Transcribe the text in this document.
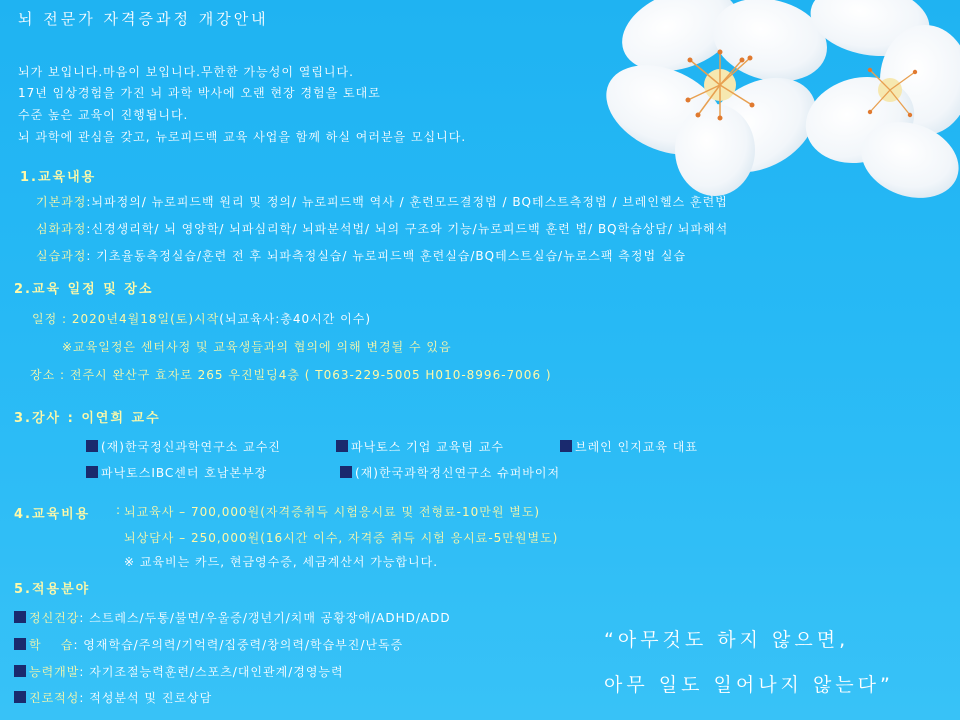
뇌 전문가 자격증과정 개강안내
뇌가 보입니다.마음이 보입니다.무한한 가능성이 열립니다.
17년 임상경험을 가진 뇌 과학 박사에 오랜 현장 경험을 토대로
수준 높은 교육이 진행됩니다.
뇌 과학에 관심을 갖고, 뉴로피드백 교육 사업을 함께 하실 여러분을 모십니다.
1.교육내용
기본과정:뇌파정의/ 뉴로피드백 원리 및 정의/ 뉴로피드백 역사 / 훈련모드결정법 / BQ테스트측정법 / 브레인헬스 훈련법
심화과정:신경생리학/ 뇌 영양학/ 뇌파심리학/ 뇌파분석법/ 뇌의 구조와 기능/뉴로피드백 훈련 법/ BQ학습상담/ 뇌파해석
실습과정: 기초율동측정실습/훈련 전 후 뇌파측정실습/ 뉴로피드백 훈련실습/BQ테스트실습/뉴로스팩 측정법 실습
2.교육 일정 및 장소
일정 : 2020년4월18일(토)시작(뇌교육사:총40시간 이수)
※교육일정은 센터사정 및 교육생들과의 협의에 의해 변경될 수 있음
장소 : 전주시 완산구 효자로 265 우진빌딩4층 ( T063-229-5005 H010-8996-7006 )
3.강사 : 이연희 교수
(재)한국정신과학연구소 교수진	파낙토스 기업 교육팀 교수	브레인 인지교육 대표
파낙토스IBC센터 호남본부장	(재)한국과학정신연구소 슈퍼바이저
4.교육비용 : 뇌교육사 – 700,000원(자격증취득 시험응시료 및 전형료-10만원 별도)
뇌상담사 – 250,000원(16시간 이수, 자격증 취득 시험 응시료-5만원별도)
※ 교육비는 카드, 현금영수증, 세금계산서 가능합니다.
5.적용분야
정신건강: 스트레스/두통/불면/우울증/갱년기/치매 공황장애/ADHD/ADD
학    습: 영재학습/주의력/기억력/집중력/창의력/학습부진/난독증
능력개발: 자기조절능력훈련/스포츠/대인관계/경영능력
진로적성: 적성분석 및 진로상담
“아무것도 하지 않으면,
아무 일도 일어나지 않는다”
